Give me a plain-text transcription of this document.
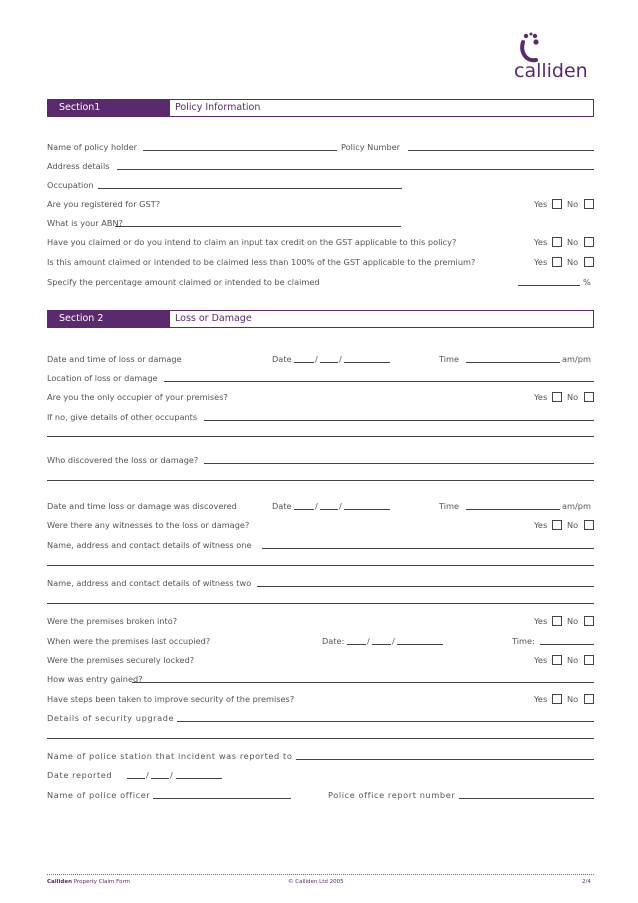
calliden
Section1	Policy Information
Name of policy holder	Policy Number
Address details
Occupation
Are you registered for GST?	Yes No
What is your ABN?
Have you claimed or do you intend to claim an input tax credit on the GST applicable to this policy?	Yes No
Is this amount claimed or intended to be claimed less than 100% of the GST applicable to the premium?	Yes No
Specify the percentage amount claimed or intended to be claimed	%
Section 2	Loss or Damage
Date and time of loss or damage	Date	/	/	Time	am/pm
Location of loss or damage
Are you the only occupier of your premises?	Yes No
If no, give details of other occupants
Who discovered the loss or damage?
Date and time loss or damage was discovered	Date	/	/	Time	am/pm
Were there any witnesses to the loss or damage?	Yes No
Name, address and contact details of witness one
Name, address and contact details of witness two
Were the premises broken into?	Yes No
When were the premises last occupied?	Date:	/	/	Time:
Were the premises securely locked?	Yes No
How was entry gained?
Have steps been taken to improve security of the premises?	Yes No
Details of security upgrade
Name of police station that incident was reported to
Date reported	/	/
Name of police officer	Police office report number
Calliden Property Claim Form	© Calliden Ltd 2005	2/4
